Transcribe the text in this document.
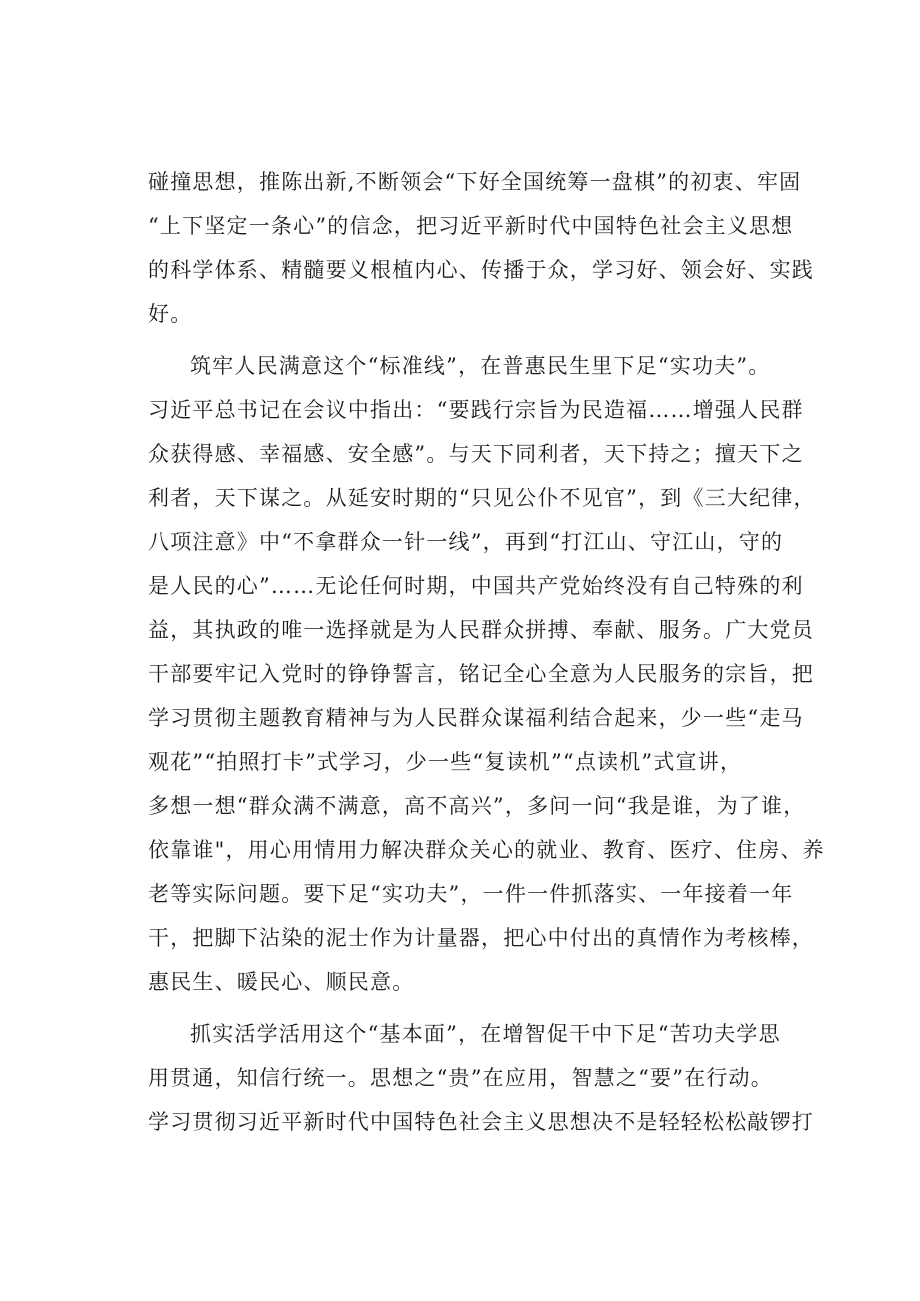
碰撞思想，推陈出新,不断领会“下好全国统筹一盘棋”的初衷、牢固
“上下坚定一条心”的信念，把习近平新时代中国特色社会主义思想
的科学体系、精髓要义根植内心、传播于众，学习好、领会好、实践
好。
筑牢人民满意这个“标准线”，在普惠民生里下足“实功夫”。
习近平总书记在会议中指出：“要践行宗旨为民造福……增强人民群
众获得感、幸福感、安全感”。与天下同利者，天下持之；擅天下之
利者，天下谋之。从延安时期的“只见公仆不见官”，到《三大纪律，
八项注意》中“不拿群众一针一线”，再到“打江山、守江山，守的
是人民的心”……无论任何时期，中国共产党始终没有自己特殊的利
益，其执政的唯一选择就是为人民群众拼搏、奉献、服务。广大党员
干部要牢记入党时的铮铮誓言，铭记全心全意为人民服务的宗旨，把
学习贯彻主题教育精神与为人民群众谋福利结合起来，少一些“走马
观花”“拍照打卡”式学习，少一些“复读机”“点读机”式宣讲，
多想一想“群众满不满意，高不高兴”，多问一问“我是谁，为了谁，
依靠谁"，用心用情用力解决群众关心的就业、教育、医疗、住房、养
老等实际问题。要下足“实功夫”，一件一件抓落实、一年接着一年
干，把脚下沾染的泥士作为计量器，把心中付出的真情作为考核棒，
惠民生、暖民心、顺民意。
抓实活学活用这个“基本面”，在增智促干中下足“苦功夫学思
用贯通，知信行统一。思想之“贵”在应用，智慧之“要”在行动。
学习贯彻习近平新时代中国特色社会主义思想决不是轻轻松松敲锣打
